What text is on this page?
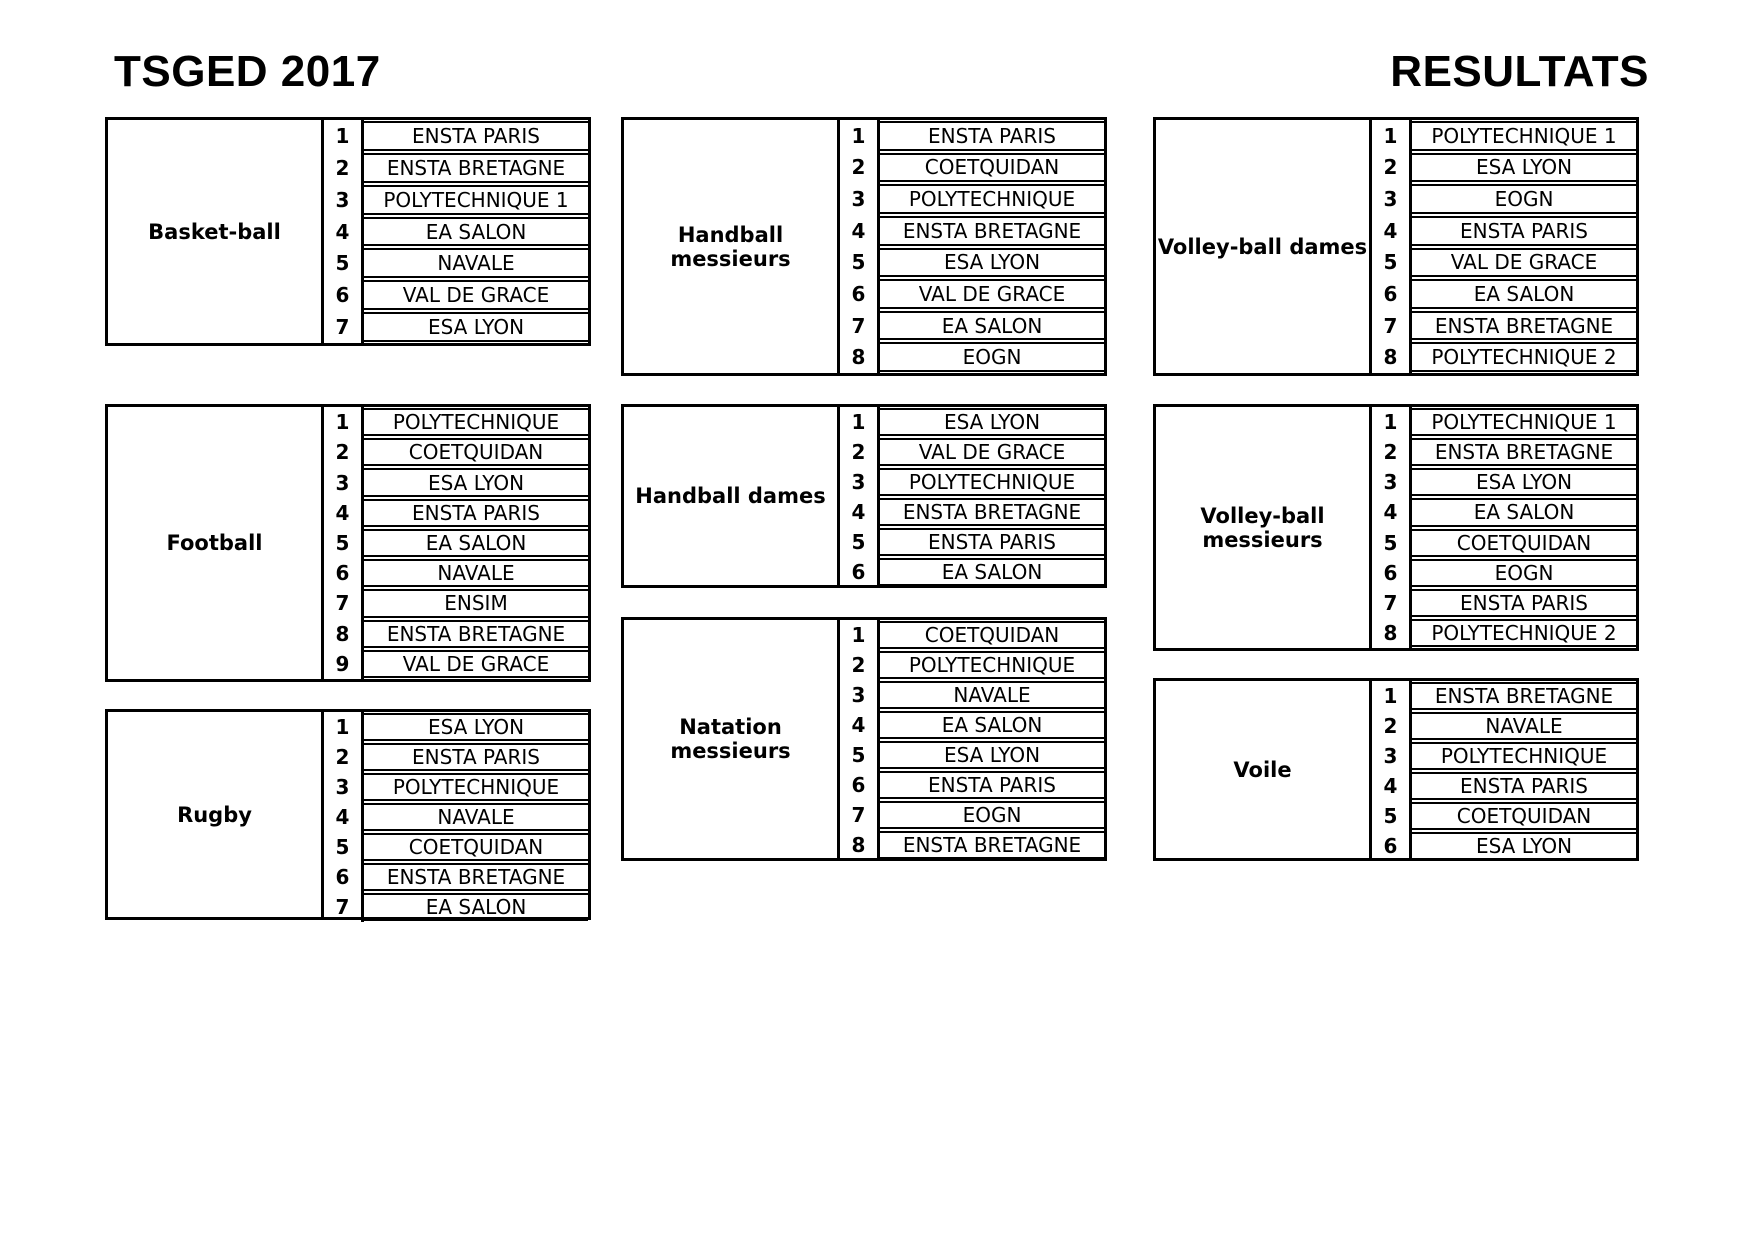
TSGED 2017	RESULTATS
Basket-ball
1	ENSTA PARIS
2	ENSTA BRETAGNE
3	POLYTECHNIQUE 1
4	EA SALON
5	NAVALE
6	VAL DE GRACE
7	ESA LYON
Football
1	POLYTECHNIQUE
2	COETQUIDAN
3	ESA LYON
4	ENSTA PARIS
5	EA SALON
6	NAVALE
7	ENSIM
8	ENSTA BRETAGNE
9	VAL DE GRACE
Rugby
1	ESA LYON
2	ENSTA PARIS
3	POLYTECHNIQUE
4	NAVALE
5	COETQUIDAN
6	ENSTA BRETAGNE
7	EA SALON
Handball messieurs
1	ENSTA PARIS
2	COETQUIDAN
3	POLYTECHNIQUE
4	ENSTA BRETAGNE
5	ESA LYON
6	VAL DE GRACE
7	EA SALON
8	EOGN
Handball dames
1	ESA LYON
2	VAL DE GRACE
3	POLYTECHNIQUE
4	ENSTA BRETAGNE
5	ENSTA PARIS
6	EA SALON
Natation messieurs
1	COETQUIDAN
2	POLYTECHNIQUE
3	NAVALE
4	EA SALON
5	ESA LYON
6	ENSTA PARIS
7	EOGN
8	ENSTA BRETAGNE
Volley-ball dames
1	POLYTECHNIQUE 1
2	ESA LYON
3	EOGN
4	ENSTA PARIS
5	VAL DE GRACE
6	EA SALON
7	ENSTA BRETAGNE
8	POLYTECHNIQUE 2
Volley-ball messieurs
1	POLYTECHNIQUE 1
2	ENSTA BRETAGNE
3	ESA LYON
4	EA SALON
5	COETQUIDAN
6	EOGN
7	ENSTA PARIS
8	POLYTECHNIQUE 2
Voile
1	ENSTA BRETAGNE
2	NAVALE
3	POLYTECHNIQUE
4	ENSTA PARIS
5	COETQUIDAN
6	ESA LYON
